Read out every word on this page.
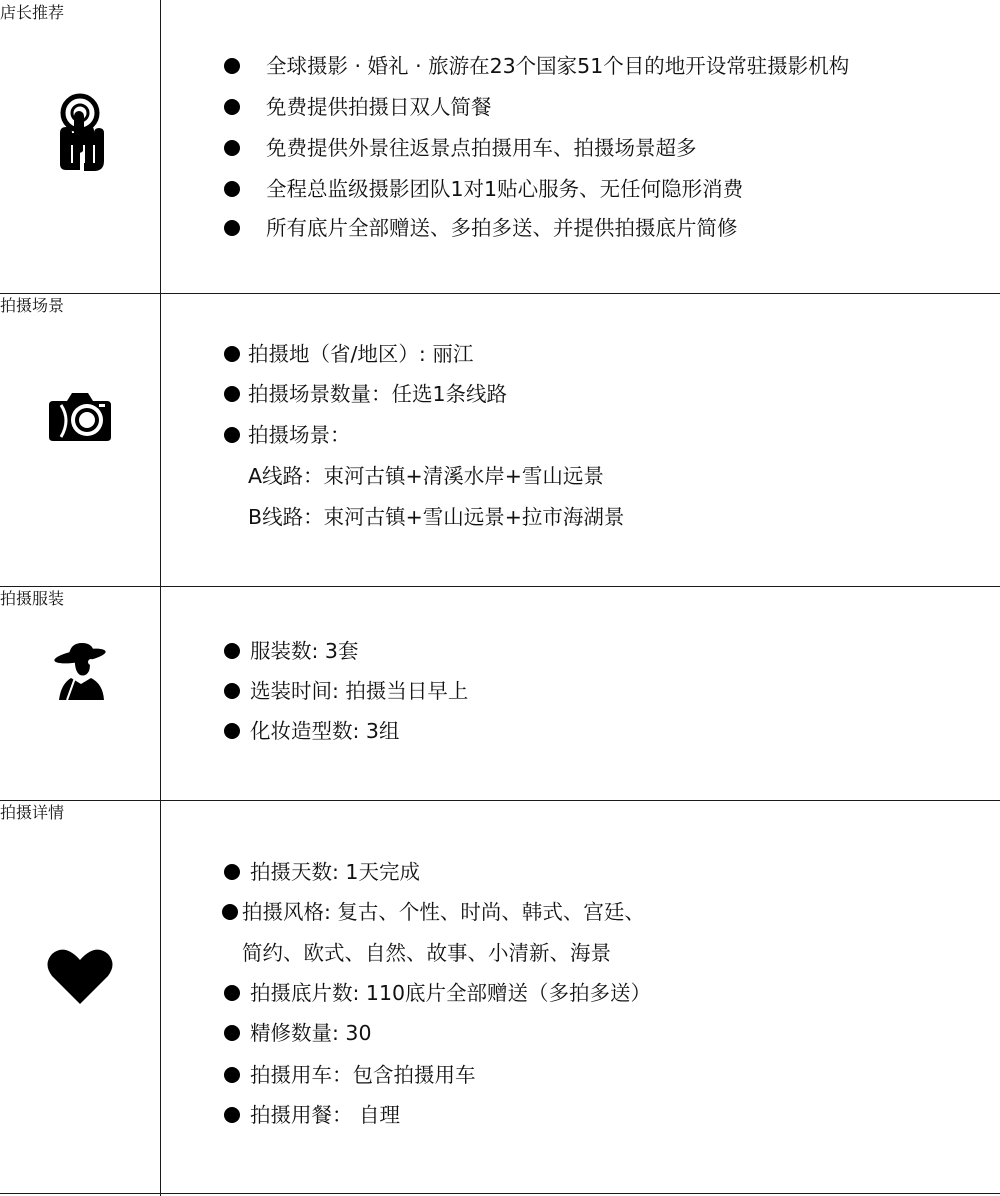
店长推荐
全球摄影 · 婚礼 · 旅游在23个国家51个目的地开设常驻摄影机构
免费提供拍摄日双人简餐
免费提供外景往返景点拍摄用车、拍摄场景超多
全程总监级摄影团队1对1贴心服务、无任何隐形消费
所有底片全部赠送、多拍多送、并提供拍摄底片简修
拍摄场景
拍摄地（省/地区）: 丽江
拍摄场景数量：任选1条线路
拍摄场景：
A线路：束河古镇+清溪水岸+雪山远景
B线路：束河古镇+雪山远景+拉市海湖景
拍摄服装
服装数: 3套
选装时间: 拍摄当日早上
化妆造型数: 3组
拍摄详情
拍摄天数: 1天完成
拍摄风格: 复古、个性、时尚、韩式、宫廷、
简约、欧式、自然、故事、小清新、海景
拍摄底片数: 110底片全部赠送（多拍多送）
精修数量: 30
拍摄用车：包含拍摄用车
拍摄用餐： 自理
